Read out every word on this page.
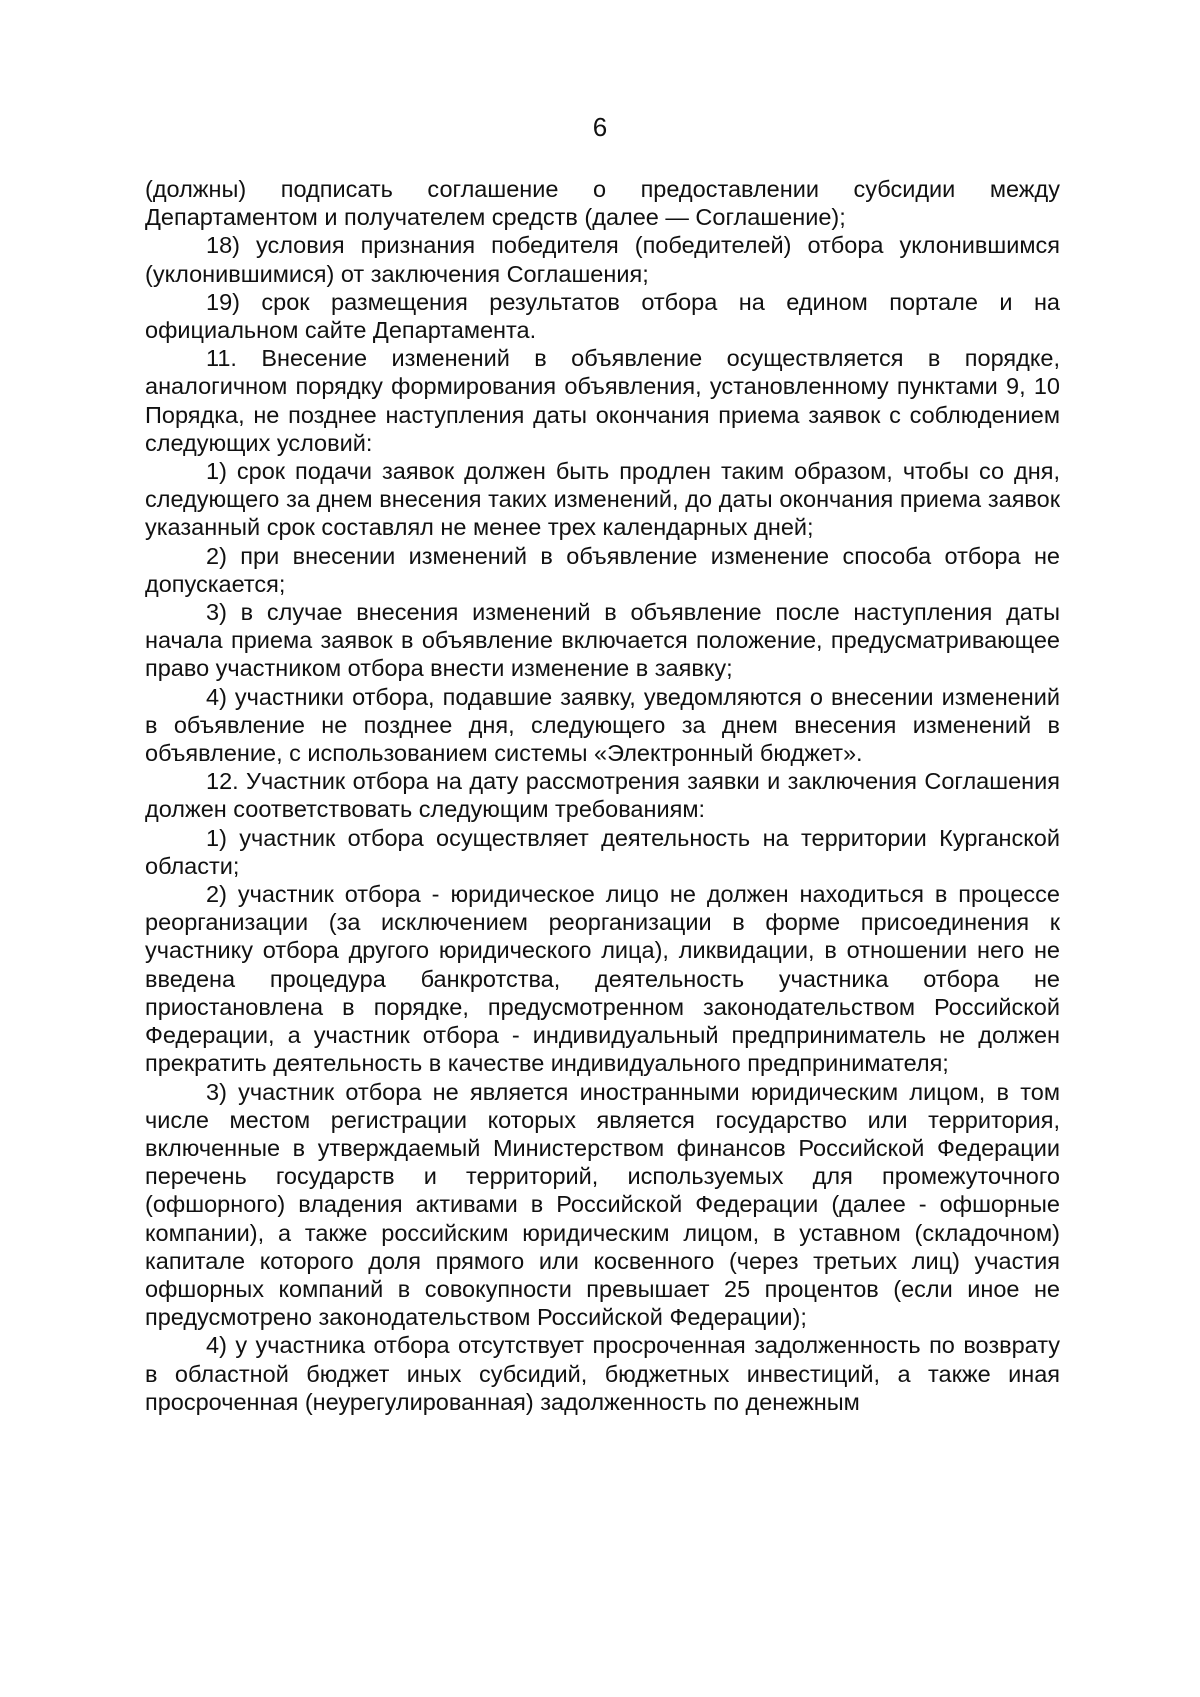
6

(должны) подписать соглашение о предоставлении субсидии между Департаментом и получателем средств (далее — Соглашение);

18) условия признания победителя (победителей) отбора уклонившимся (уклонившимися) от заключения Соглашения;

19) срок размещения результатов отбора на едином портале и на официальном сайте Департамента.

11. Внесение изменений в объявление осуществляется в порядке, аналогичном порядку формирования объявления, установленному пунктами 9, 10 Порядка, не позднее наступления даты окончания приема заявок с соблюдением следующих условий:

1) срок подачи заявок должен быть продлен таким образом, чтобы со дня, следующего за днем внесения таких изменений, до даты окончания приема заявок указанный срок составлял не менее трех календарных дней;

2) при внесении изменений в объявление изменение способа отбора не допускается;

3) в случае внесения изменений в объявление после наступления даты начала приема заявок в объявление включается положение, предусматривающее право участником отбора внести изменение в заявку;

4) участники отбора, подавшие заявку, уведомляются о внесении изменений в объявление не позднее дня, следующего за днем внесения изменений в объявление, с использованием системы «Электронный бюджет».

12. Участник отбора на дату рассмотрения заявки и заключения Соглашения должен соответствовать следующим требованиям:

1) участник отбора осуществляет деятельность на территории Курганской области;

2) участник отбора - юридическое лицо не должен находиться в процессе реорганизации (за исключением реорганизации в форме присоединения к участнику отбора другого юридического лица), ликвидации, в отношении него не введена процедура банкротства, деятельность участника отбора не приостановлена в порядке, предусмотренном законодательством Российской Федерации, а участник отбора - индивидуальный предприниматель не должен прекратить деятельность в качестве индивидуального предпринимателя;

3) участник отбора не является иностранными юридическим лицом, в том числе местом регистрации которых является государство или территория, включенные в утверждаемый Министерством финансов Российской Федерации перечень государств и территорий, используемых для промежуточного (офшорного) владения активами в Российской Федерации (далее - офшорные компании), а также российским юридическим лицом, в уставном (складочном) капитале которого доля прямого или косвенного (через третьих лиц) участия офшорных компаний в совокупности превышает 25 процентов (если иное не предусмотрено законодательством Российской Федерации);

4) у участника отбора отсутствует просроченная задолженность по возврату в областной бюджет иных субсидий, бюджетных инвестиций, а также иная просроченная (неурегулированная) задолженность по денежным
